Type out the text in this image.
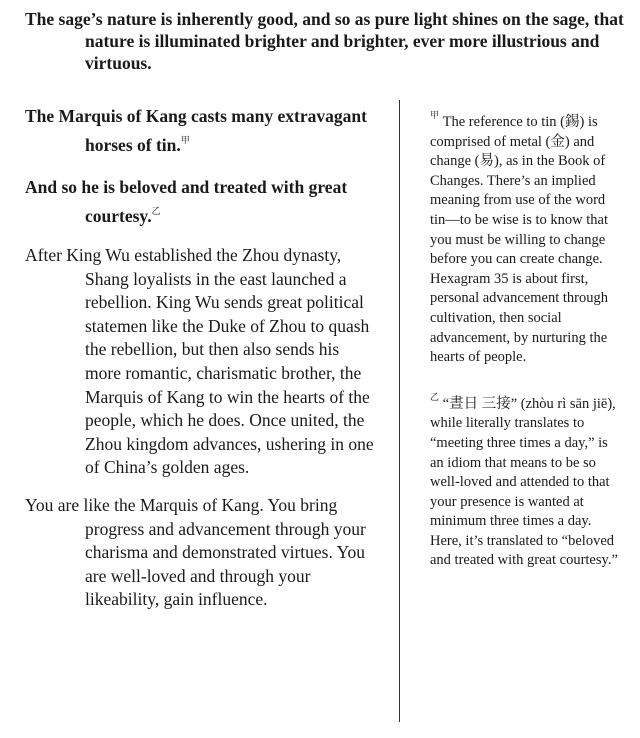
The sage’s nature is inherently good, and so as pure light shines on the sage, that nature is illuminated brighter and brighter, ever more illustrious and virtuous.

The Marquis of Kang casts many extravagant horses of tin.$^甲$

And so he is beloved and treated with great courtesy.$^乙$

After King Wu established the Zhou dynasty, Shang loyalists in the east launched a rebellion. King Wu sends great political statemen like the Duke of Zhou to quash the rebellion, but then also sends his more romantic, charismatic brother, the Marquis of Kang to win the hearts of the people, which he does. Once united, the Zhou kingdom advances, ushering in one of China’s golden ages.

You are like the Marquis of Kang. You bring progress and advancement through your charisma and demonstrated virtues. You are well-loved and through your likeability, gain influence.

$^甲$ The reference to tin (錫) is comprised of metal (金) and change (易), as in the Book of Changes. There’s an implied meaning from use of the word tin—to be wise is to know that you must be willing to change before you can create change. Hexagram 35 is about first, personal advancement through cultivation, then social advancement, by nurturing the hearts of people.

$^乙$ “晝日 三接” (zhòu rì sān jiē), while literally translates to “meeting three times a day,” is an idiom that means to be so well-loved and attended to that your presence is wanted at minimum three times a day. Here, it’s translated to “beloved and treated with great courtesy.”
